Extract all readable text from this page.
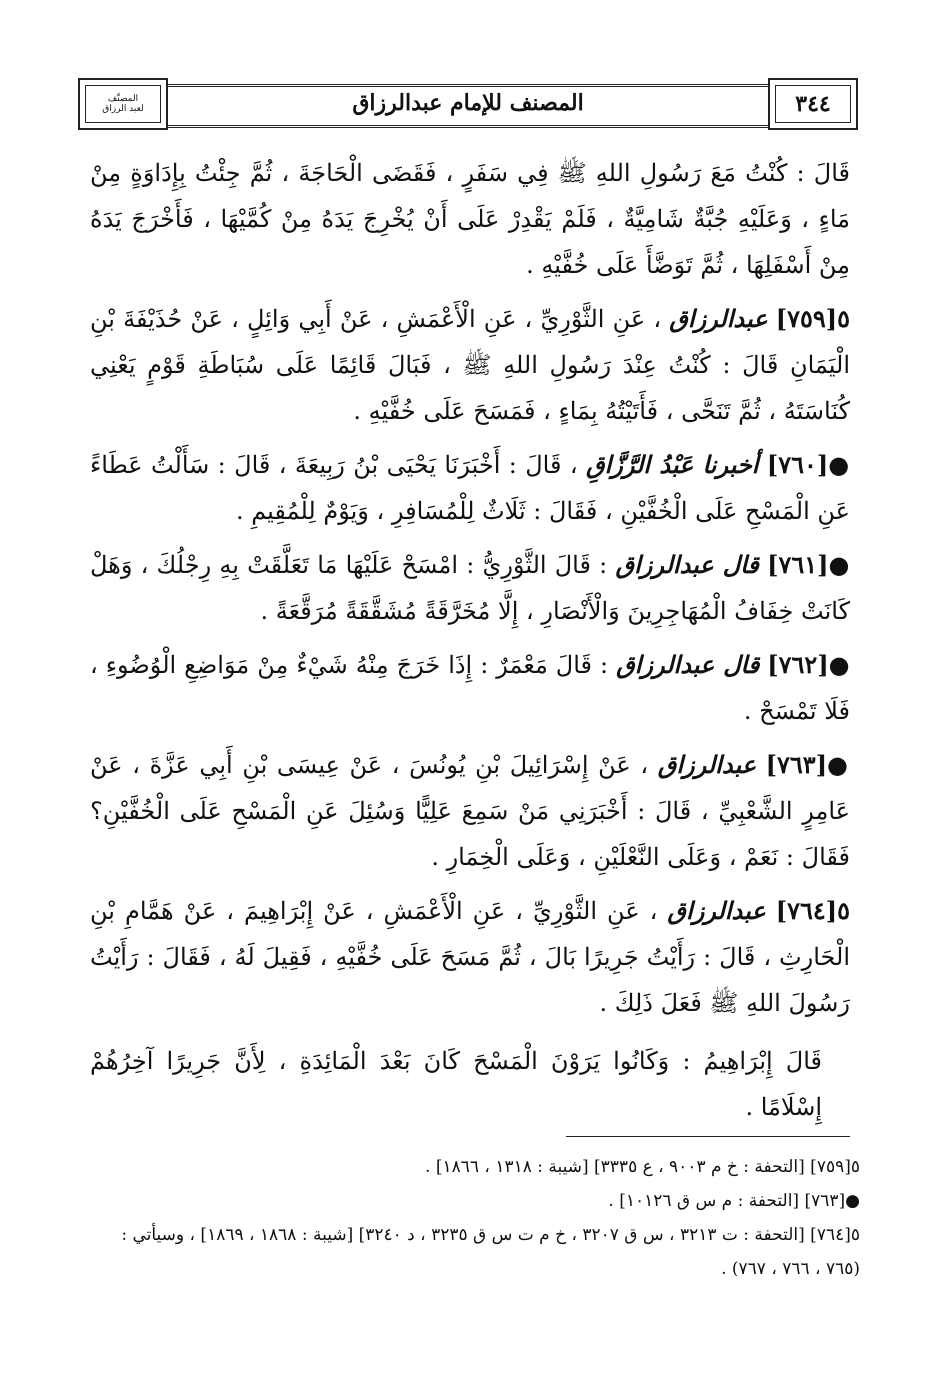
المصنَّف
لعبد الرزاق	المصنف للإمام عبدالرزاق	٣٤٤

قَالَ : كُنْتُ مَعَ رَسُولِ اللهِ ﷺ فِي سَفَرٍ ، فَقَضَى الْحَاجَةَ ، ثُمَّ جِئْتُ بِإِدَاوَةٍ مِنْ مَاءٍ ، وَعَلَيْهِ جُبَّةٌ شَامِيَّةٌ ، فَلَمْ يَقْدِرْ عَلَى أَنْ يُخْرِجَ يَدَهُ مِنْ كُمَّيْهَا ، فَأَخْرَجَ يَدَهُ مِنْ أَسْفَلِهَا ، ثُمَّ تَوَضَّأَ عَلَى خُفَّيْهِ .

٥[٧٥٩] عبدالرزاق ، عَنِ الثَّوْرِيِّ ، عَنِ الْأَعْمَشِ ، عَنْ أَبِي وَائِلٍ ، عَنْ حُذَيْفَةَ بْنِ الْيَمَانِ قَالَ : كُنْتُ عِنْدَ رَسُولِ اللهِ ﷺ ، فَبَالَ قَائِمًا عَلَى سُبَاطَةِ قَوْمٍ يَعْنِي كُنَاسَتَهُ ، ثُمَّ تَنَحَّى ، فَأَتَيْتُهُ بِمَاءٍ ، فَمَسَحَ عَلَى خُفَّيْهِ .

●[٧٦٠] أخبرنا عَبْدُ الرَّزَّاقِ ، قَالَ : أَخْبَرَنَا يَحْيَى بْنُ رَبِيعَةَ ، قَالَ : سَأَلْتُ عَطَاءً عَنِ الْمَسْحِ عَلَى الْخُفَّيْنِ ، فَقَالَ : ثَلَاثٌ لِلْمُسَافِرِ ، وَيَوْمٌ لِلْمُقِيمِ .

●[٧٦١] قال عبدالرزاق : قَالَ الثَّوْرِيُّ : امْسَحْ عَلَيْهَا مَا تَعَلَّقَتْ بِهِ رِجْلُكَ ، وَهَلْ كَانَتْ خِفَافُ الْمُهَاجِرِينَ وَالْأَنْصَارِ ، إِلَّا مُخَرَّقَةً مُشَقَّقَةً مُرَقَّعَةً .

●[٧٦٢] قال عبدالرزاق : قَالَ مَعْمَرٌ : إِذَا خَرَجَ مِنْهُ شَيْءٌ مِنْ مَوَاضِعِ الْوُضُوءِ ، فَلَا تَمْسَحْ .

●[٧٦٣] عبدالرزاق ، عَنْ إِسْرَائِيلَ بْنِ يُونُسَ ، عَنْ عِيسَى بْنِ أَبِي عَزَّةَ ، عَنْ عَامِرٍ الشَّعْبِيِّ ، قَالَ : أَخْبَرَنِي مَنْ سَمِعَ عَلِيًّا وَسُئِلَ عَنِ الْمَسْحِ عَلَى الْخُفَّيْنِ؟ فَقَالَ : نَعَمْ ، وَعَلَى النَّعْلَيْنِ ، وَعَلَى الْخِمَارِ .

٥[٧٦٤] عبدالرزاق ، عَنِ الثَّوْرِيِّ ، عَنِ الْأَعْمَشِ ، عَنْ إِبْرَاهِيمَ ، عَنْ هَمَّامِ بْنِ الْحَارِثِ ، قَالَ : رَأَيْتُ جَرِيرًا بَالَ ، ثُمَّ مَسَحَ عَلَى خُفَّيْهِ ، فَقِيلَ لَهُ ، فَقَالَ : رَأَيْتُ رَسُولَ اللهِ ﷺ فَعَلَ ذَلِكَ .

قَالَ إِبْرَاهِيمُ : وَكَانُوا يَرَوْنَ الْمَسْحَ كَانَ بَعْدَ الْمَائِدَةِ ، لِأَنَّ جَرِيرًا آخِرُهُمْ إِسْلَامًا .

٥[٧٥٩] [التحفة : خ م ٩٠٠٣ ، ع ٣٣٣٥] [شيبة : ١٣١٨ ، ١٨٦٦] .

●[٧٦٣] [التحفة : م س ق ١٠١٢٦] .

٥[٧٦٤] [التحفة : ت ٣٢١٣ ، س ق ٣٢٠٧ ، خ م ت س ق ٣٢٣٥ ، د ٣٢٤٠] [شيبة : ١٨٦٨ ، ١٨٦٩] ، وسيأتي : (٧٦٥ ، ٧٦٦ ، ٧٦٧) .
